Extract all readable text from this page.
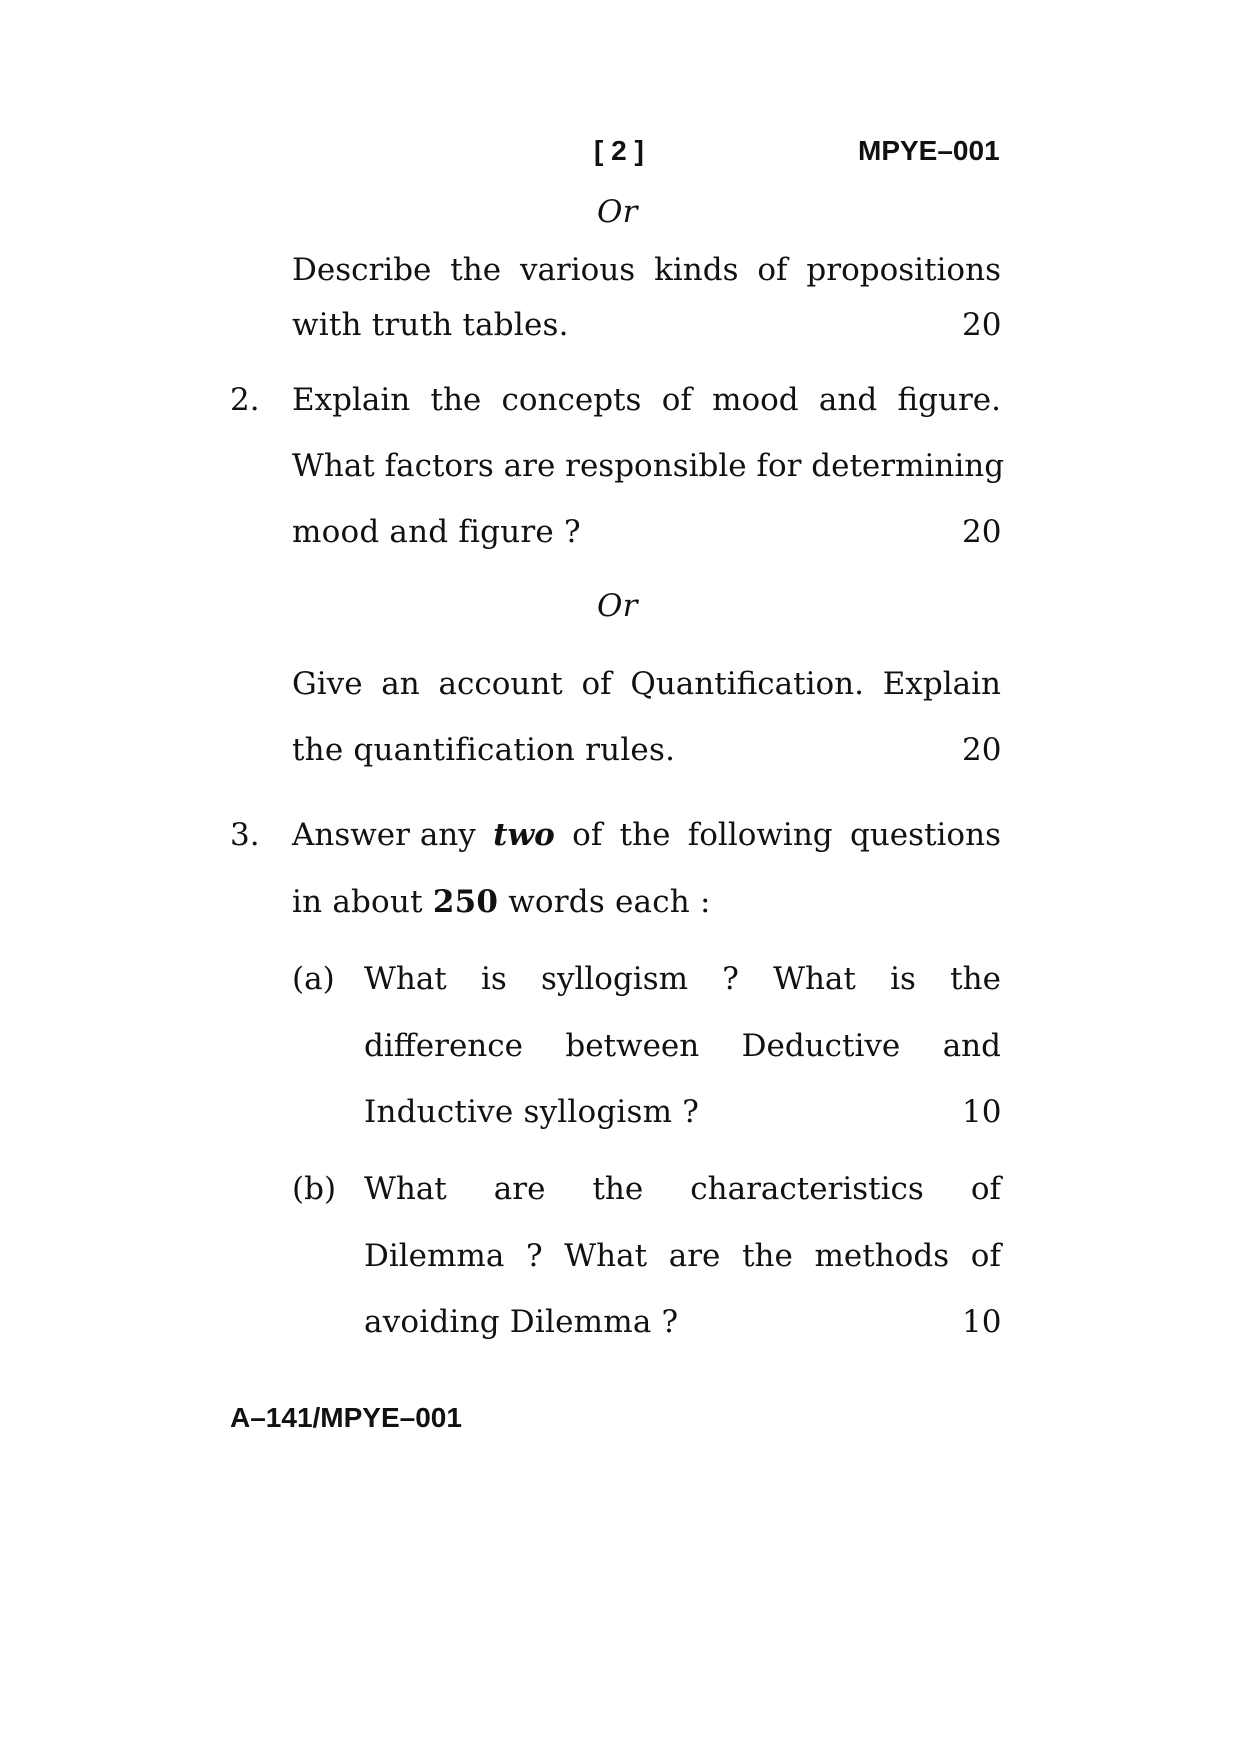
[ 2 ]	MPYE–001
Or
Describe the various kinds of propositions
with truth tables.	20
2. Explain the concepts of mood and figure.
What factors are responsible for determining
mood and figure ?	20
Or
Give an account of Quantification. Explain
the quantification rules.	20
3. Answer any two of the following questions
in about 250 words each :
(a) What is syllogism ? What is the
difference between Deductive and
Inductive syllogism ?	10
(b) What are the characteristics of
Dilemma ? What are the methods of
avoiding Dilemma ?	10
A–141/MPYE–001
